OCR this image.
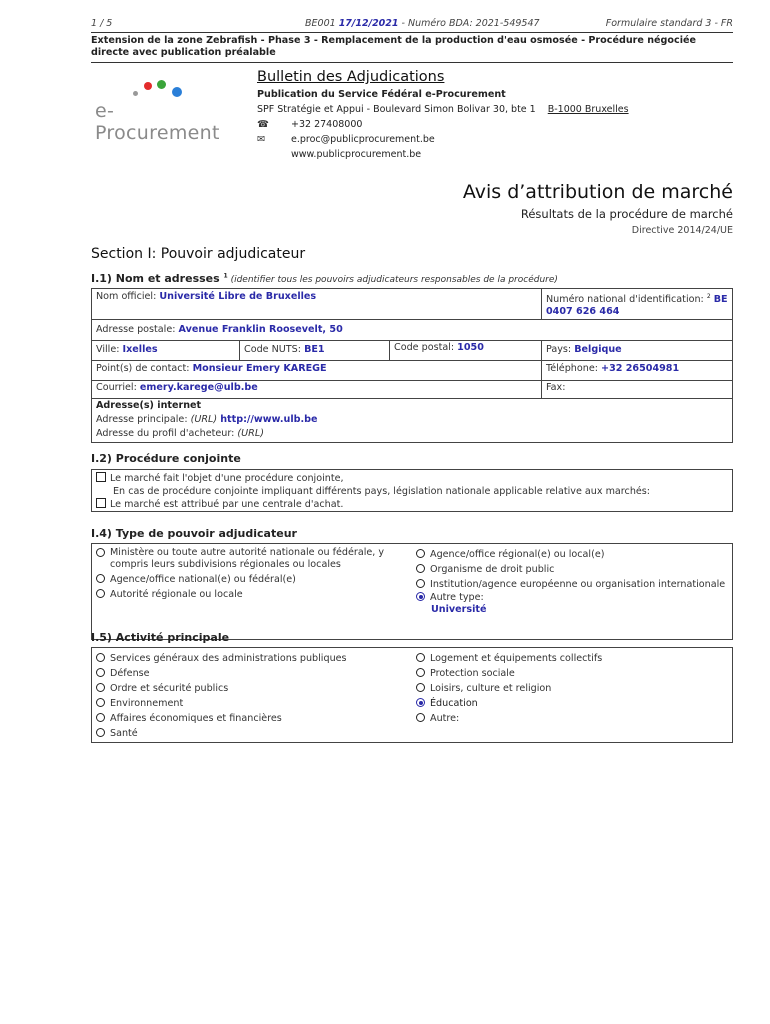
1 / 5	BE001 17/12/2021 - Numéro BDA: 2021-549547	Formulaire standard 3 - FR
Extension de la zone Zebrafish - Phase 3 - Remplacement de la production d'eau osmosée - Procédure négociée directe avec publication préalable
e-Procurement
Bulletin des Adjudications
Publication du Service Fédéral e-Procurement
SPF Stratégie et Appui - Boulevard Simon Bolivar 30, bte 1 B-1000 Bruxelles
☎ +32 27408000
✉	e.proc@publicprocurement.be
www.publicprocurement.be
Avis d’attribution de marché
Résultats de la procédure de marché
Directive 2014/24/UE
Section I: Pouvoir adjudicateur
I.1) Nom et adresses $^1$ (identifier tous les pouvoirs adjudicateurs responsables de la procédure)
Nom officiel: Université Libre de Bruxelles	Numéro national d'identification: $^2$ BE 0407 626 464
Adresse postale: Avenue Franklin Roosevelt, 50
Ville: Ixelles	Code NUTS: BE1	Code postal: 1050	Pays: Belgique
Point(s) de contact: Monsieur Emery KAREGE	Téléphone: +32 26504981
Courriel: emery.karege@ulb.be	Fax:
Adresse(s) internet
Adresse principale: (URL) http://www.ulb.be
Adresse du profil d'acheteur: (URL)
I.2) Procédure conjointe
Le marché fait l'objet d'une procédure conjointe,
En cas de procédure conjointe impliquant différents pays, législation nationale applicable relative aux marchés:
Le marché est attribué par une centrale d'achat.
I.4) Type de pouvoir adjudicateur
Ministère ou toute autre autorité nationale ou fédérale, y compris leurs subdivisions régionales ou locales
Agence/office national(e) ou fédéral(e)
Autorité régionale ou locale
Agence/office régional(e) ou local(e)
Organisme de droit public
Institution/agence européenne ou organisation internationale
Autre type:
Université
I.5) Activité principale
Services généraux des administrations publiques
Défense
Ordre et sécurité publics
Environnement
Affaires économiques et financières
Santé
Logement et équipements collectifs
Protection sociale
Loisirs, culture et religion
Éducation
Autre:
